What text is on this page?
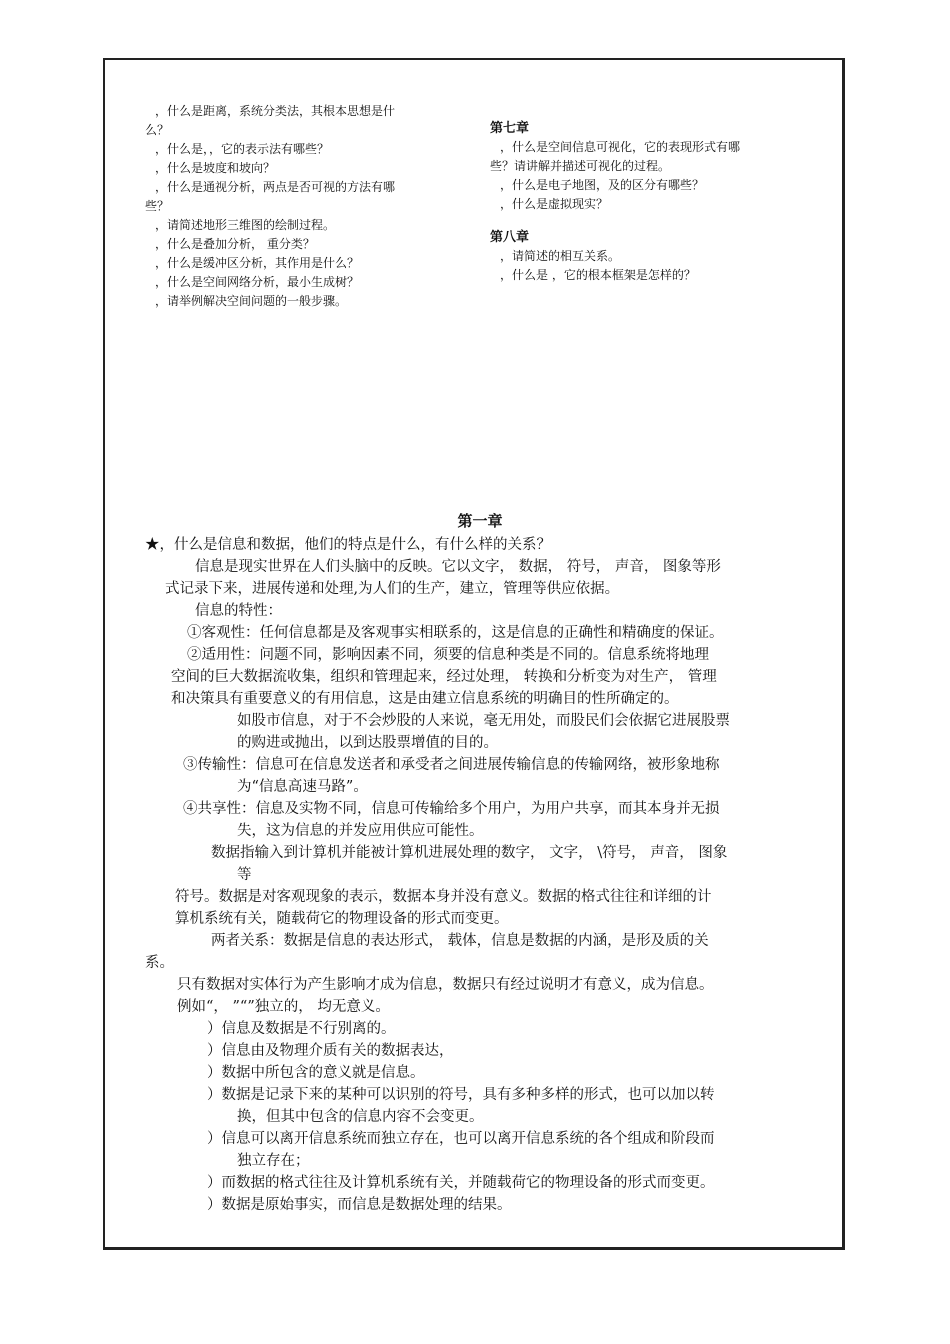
，什么是距离，系统分类法，其根本思想是什

么？

，什么是，，它的表示法有哪些？

，什么是坡度和坡向？

，什么是通视分析，两点是否可视的方法有哪

些？

，请简述地形三维图的绘制过程。

，什么是叠加分析， 重分类？

，什么是缓冲区分析，其作用是什么？

，什么是空间网络分析，最小生成树？

，请举例解决空间问题的一般步骤。

第七章

，什么是空间信息可视化，它的表现形式有哪

些？请讲解并描述可视化的过程。

，什么是电子地图，及的区分有哪些？

，什么是虚拟现实？

第八章

，请简述的相互关系。

，什么是 ，它的根本框架是怎样的？

第一章

★，什么是信息和数据，他们的特点是什么，有什么样的关系？

信息是现实世界在人们头脑中的反映。它以文字， 数据， 符号， 声音， 图象等形

式记录下来，进展传递和处理,为人们的生产，建立，管理等供应依据。

信息的特性：

①客观性：任何信息都是及客观事实相联系的，这是信息的正确性和精确度的保证。

②适用性：问题不同，影响因素不同，须要的信息种类是不同的。信息系统将地理

空间的巨大数据流收集，组织和管理起来，经过处理， 转换和分析变为对生产， 管理

和决策具有重要意义的有用信息，这是由建立信息系统的明确目的性所确定的。

如股市信息，对于不会炒股的人来说，毫无用处，而股民们会依据它进展股票

的购进或抛出，以到达股票增值的目的。

③传输性：信息可在信息发送者和承受者之间进展传输信息的传输网络，被形象地称

为“信息高速马路”。

④共享性：信息及实物不同，信息可传输给多个用户，为用户共享，而其本身并无损

失，这为信息的并发应用供应可能性。

数据指输入到计算机并能被计算机进展处理的数字， 文字， \符号， 声音， 图象

等

符号。数据是对客观现象的表示，数据本身并没有意义。数据的格式往往和详细的计

算机系统有关，随载荷它的物理设备的形式而变更。

两者关系：数据是信息的表达形式， 载体，信息是数据的内涵，是形及质的关

系。

只有数据对实体行为产生影响才成为信息，数据只有经过说明才有意义，成为信息。

例如“， ”“”独立的， 均无意义。

）信息及数据是不行别离的。

）信息由及物理介质有关的数据表达，

）数据中所包含的意义就是信息。

）数据是记录下来的某种可以识别的符号，具有多种多样的形式，也可以加以转

换，但其中包含的信息内容不会变更。

）信息可以离开信息系统而独立存在，也可以离开信息系统的各个组成和阶段而

独立存在；

）而数据的格式往往及计算机系统有关，并随载荷它的物理设备的形式而变更。

）数据是原始事实，而信息是数据处理的结果。
